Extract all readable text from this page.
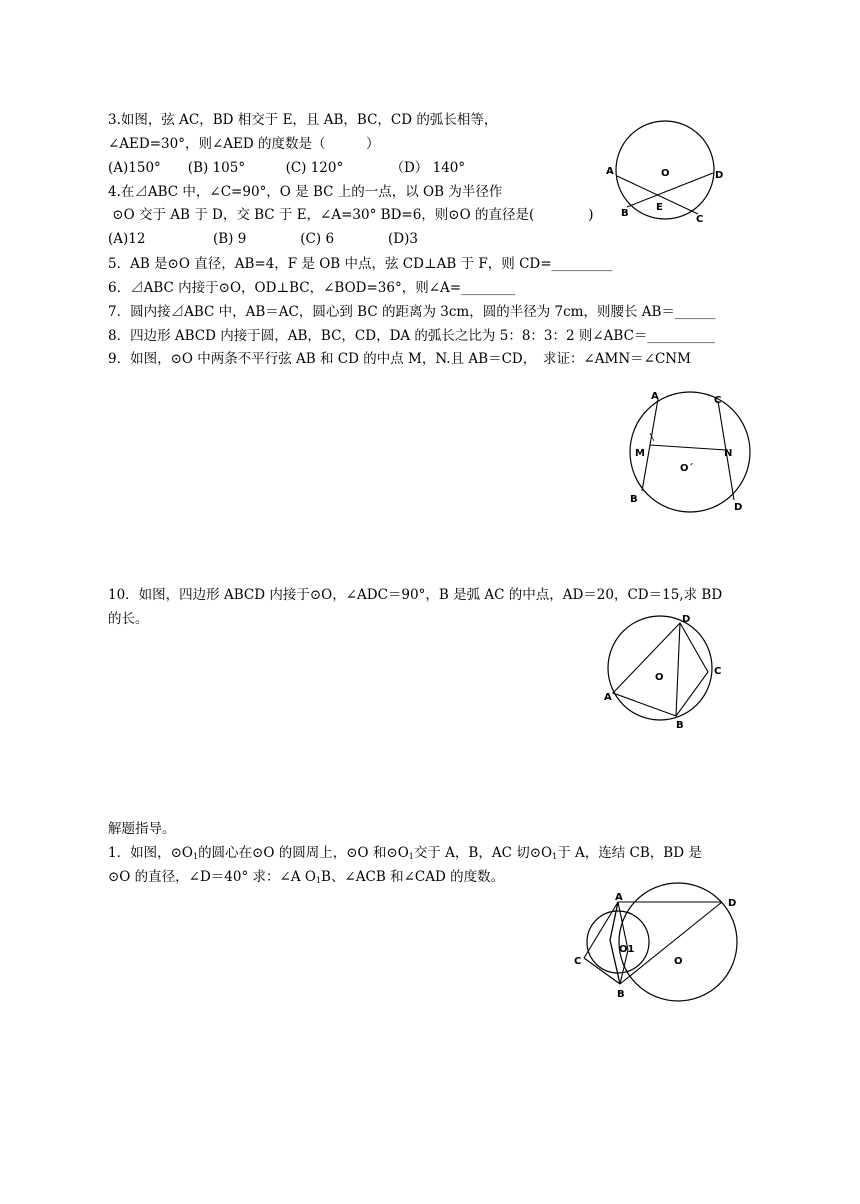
3.如图，弦 AC，BD 相交于 E，且 AB，BC，CD 的弧长相等，
∠AED=30°，则∠AED 的度数是（　　　）
(A)150°　　(B) 105°　　　(C) 120°　　　　（D） 140°	A	D
O
E
B
C
4.在⊿ABC 中，∠C=90°，O 是 BC 上的一点，以 OB 为半径作
⊙O 交于 AB 于 D，交 BC 于 E，∠A=30° BD=6，则⊙O 的直径是(　　　　)
(A)12　　　　　(B) 9　　　　(C) 6　　　　(D)3
5．AB 是⊙O 直径，AB=4，F 是 OB 中点，弦 CD⊥AB 于 F，则 CD=_________
6．⊿ABC 内接于⊙O，OD⊥BC，∠BOD=36°，则∠A=________
7．圆内接⊿ABC 中，AB＝AC，圆心到 BC 的距离为 3cm，圆的半径为 7cm，则腰长 AB＝______
8．四边形 ABCD 内接于圆，AB，BC，CD，DA 的弧长之比为 5：8：3：2 则∠ABC＝__________
9．如图，⊙O 中两条不平行弦 AB 和 CD 的中点 M，N.且 AB＝CD，　求证：∠AMN＝∠CNM
A	C
M	N
O´
B
D
10．如图，四边形 ABCD 内接于⊙O，∠ADC＝90°，B 是弧 AC 的中点，AD＝20，CD＝15,求 BD
的长。	D
C
O
A
B
解题指导。
1．如图，$⊙O_1$的圆心在⊙O 的圆周上，⊙O 和$⊙O_1$交于 A，B，AC 切$⊙O_1$于 A，连结 CB，BD 是
⊙O 的直径，∠D＝40° 求：∠A $O_1B$、∠ACB 和∠CAD 的度数。
A
D
C
O1
O
B
